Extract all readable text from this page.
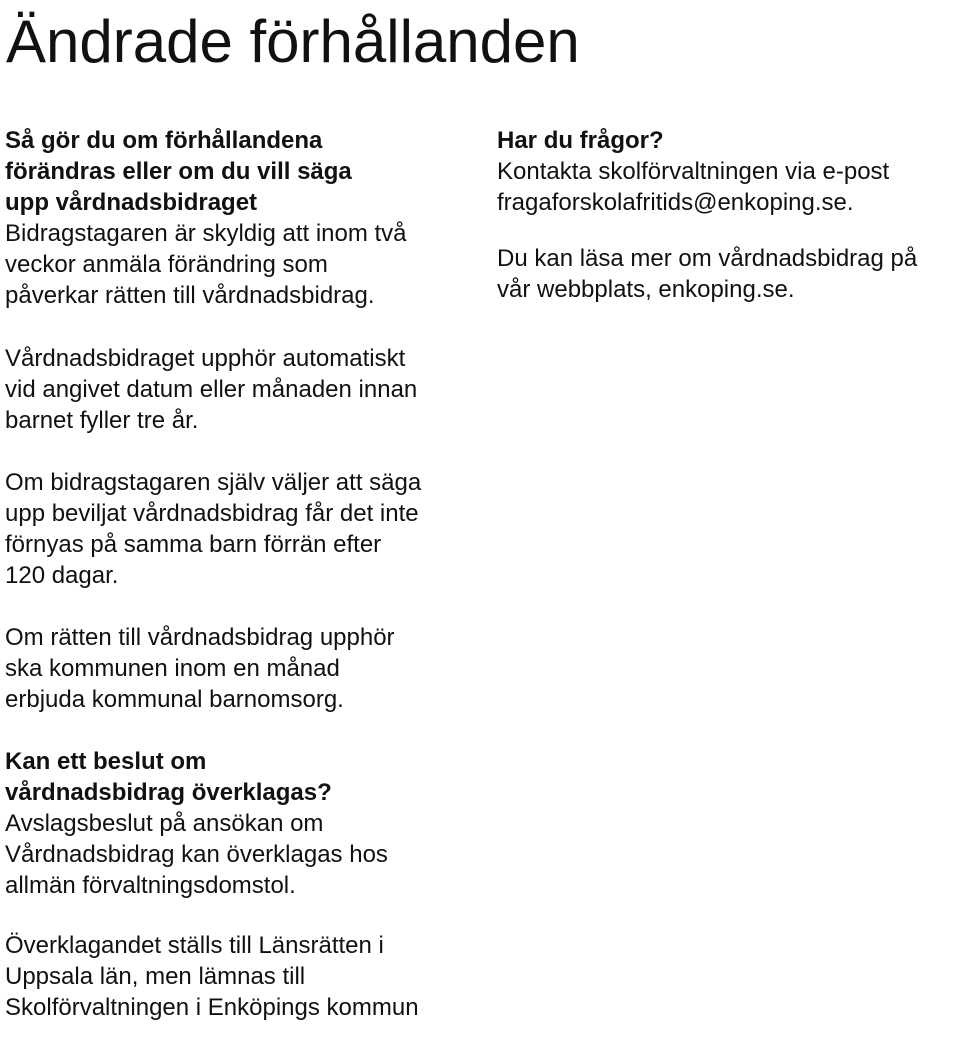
Ändrade förhållanden
Så gör du om förhållandena
förändras eller om du vill säga
upp vårdnadsbidraget
Bidragstagaren är skyldig att inom två
veckor anmäla förändring som
påverkar rätten till vårdnadsbidrag.

Vårdnadsbidraget upphör automatiskt
vid angivet datum eller månaden innan
barnet fyller tre år.

Om bidragstagaren själv väljer att säga
upp beviljat vårdnadsbidrag får det inte
förnyas på samma barn förrän efter
120 dagar.

Om rätten till vårdnadsbidrag upphör
ska kommunen inom en månad
erbjuda kommunal barnomsorg.

Kan ett beslut om
vårdnadsbidrag överklagas?
Avslagsbeslut på ansökan om
Vårdnadsbidrag kan överklagas hos
allmän förvaltningsdomstol.

Överklagandet ställs till Länsrätten i
Uppsala län, men lämnas till
Skolförvaltningen i Enköpings kommun

Har du frågor?
Kontakta skolförvaltningen via e-post
fragaforskolafritids@enkoping.se.

Du kan läsa mer om vårdnadsbidrag på
vår webbplats, enkoping.se.
